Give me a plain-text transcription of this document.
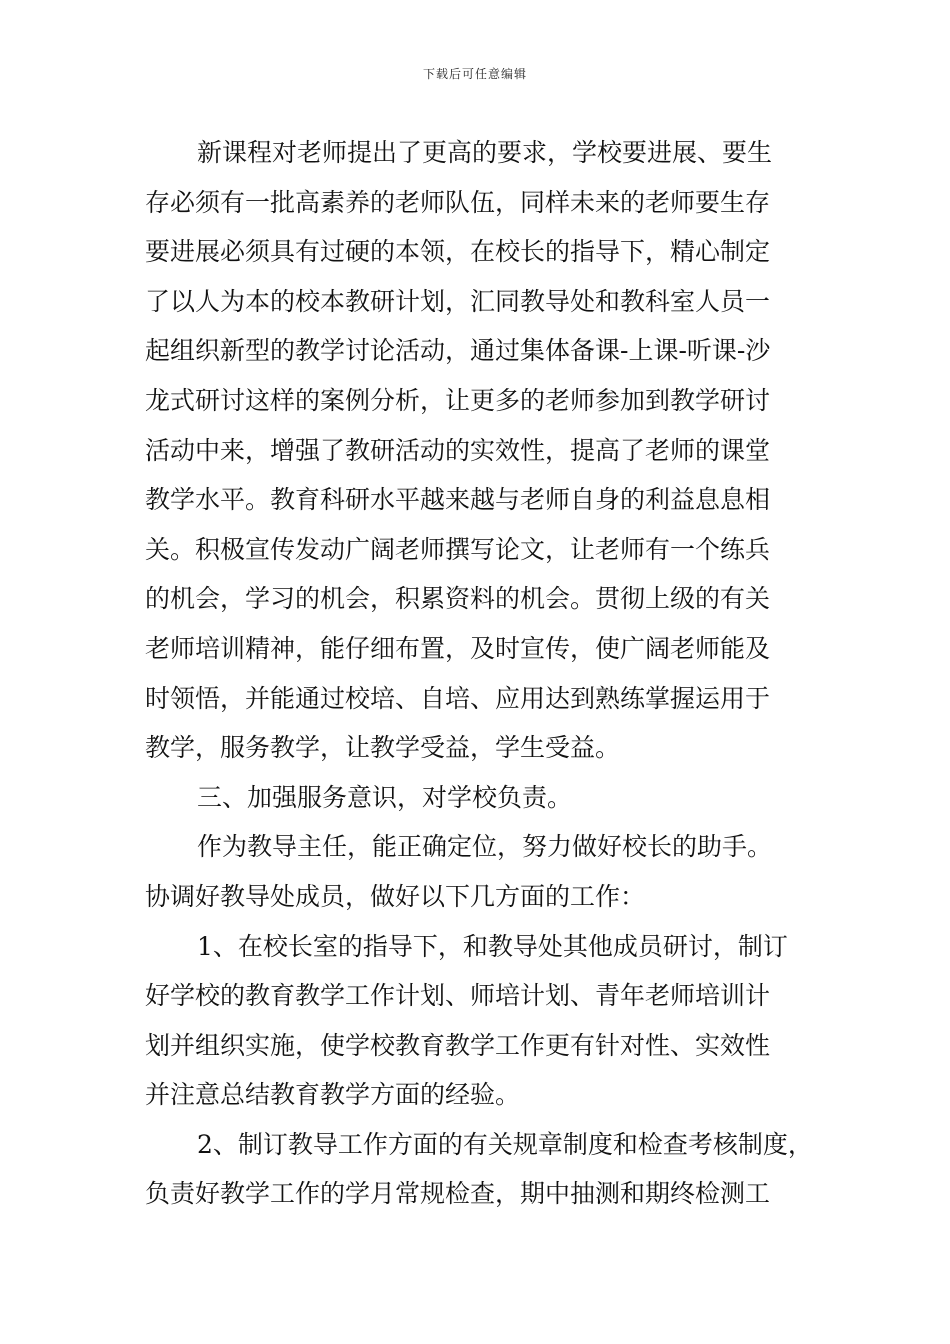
下载后可任意编辑
新课程对老师提出了更高的要求，学校要进展、要生
存必须有一批高素养的老师队伍，同样未来的老师要生存
要进展必须具有过硬的本领，在校长的指导下，精心制定
了以人为本的校本教研计划，汇同教导处和教科室人员一
起组织新型的教学讨论活动，通过集体备课-上课-听课-沙
龙式研讨这样的案例分析，让更多的老师参加到教学研讨
活动中来，增强了教研活动的实效性，提高了老师的课堂
教学水平。教育科研水平越来越与老师自身的利益息息相
关。积极宣传发动广阔老师撰写论文，让老师有一个练兵
的机会，学习的机会，积累资料的机会。贯彻上级的有关
老师培训精神，能仔细布置，及时宣传，使广阔老师能及
时领悟，并能通过校培、自培、应用达到熟练掌握运用于
教学，服务教学，让教学受益，学生受益。
三、加强服务意识，对学校负责。
作为教导主任，能正确定位，努力做好校长的助手。
协调好教导处成员，做好以下几方面的工作：
1、在校长室的指导下，和教导处其他成员研讨，制订
好学校的教育教学工作计划、师培计划、青年老师培训计
划并组织实施，使学校教育教学工作更有针对性、实效性
并注意总结教育教学方面的经验。
2、制订教导工作方面的有关规章制度和检查考核制度，
负责好教学工作的学月常规检查，期中抽测和期终检测工
